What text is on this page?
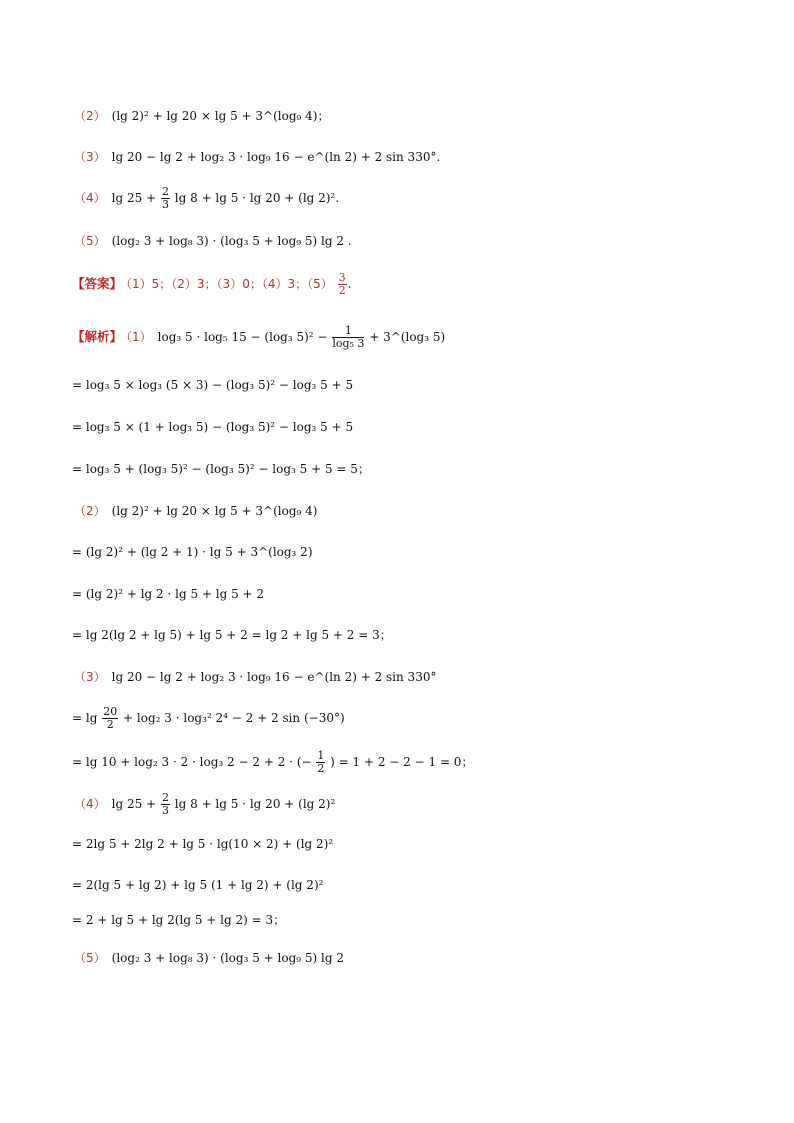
（2） (lg 2)² + lg 20 × lg 5 + 3^(log₉ 4)；
（3） lg 20 − lg 2 + log₂ 3 · log₉ 16 − e^(ln 2) + 2 sin 330°.
（4） $\lg 25 + \frac{2}{3}$ lg 8 + lg 5 · lg 20 + (lg 2)².
（5） (log₂ 3 + log₈ 3) · (log₃ 5 + log₉ 5) lg 2 .
【答案】 （1）5；（2）3；（3）0；（4）3；$(5) \frac{3}{2}$ .
【解析】 （1） log₃ 5 · log₅ 15 − (log₃ $5)^2 - \frac{1}{\text{log₅ 3}}$ + 3^(log₃ 5)
= log₃ 5 × log₃ (5 × 3) − (log₃ 5)² − log₃ 5 + 5
= log₃ 5 × (1 + log₃ 5) − (log₃ 5)² − log₃ 5 + 5
= log₃ 5 + (log₃ 5)² − (log₃ 5)² − log₃ 5 + 5 = 5；
（2） (lg 2)² + lg 20 × lg 5 + 3^(log₉ 4)
= (lg 2)² + (lg 2 + 1) · lg 5 + 3^(log₃ 2)
= (lg 2)² + lg 2 · lg 5 + lg 5 + 2
= lg 2(lg 2 + lg 5) + lg 5 + 2 = lg 2 + lg 5 + 2 = 3；
（3） lg 20 − lg 2 + log₂ 3 · log₉ 16 − e^(ln 2) + 2 sin 330°
= $\lg \frac{20}{2} + \log_2$ 3 · log₃² 2⁴ − 2 + 2 sin (−30°)
= lg 10 + log₂ 3 · 2 · log₃ 2 − 2 + 2 · (− $\frac{1}{2}$ ) = 1 + 2 − 2 − 1 = 0；
（4） $\lg 25 + \frac{2}{3}$ lg 8 + lg 5 · lg 20 + (lg 2)²
= 2lg 5 + 2lg 2 + lg 5 · lg(10 × 2) + (lg 2)²
= 2(lg 5 + lg 2) + lg 5 (1 + lg 2) + (lg 2)²
= 2 + lg 5 + lg 2(lg 5 + lg 2) = 3；
（5） (log₂ 3 + log₈ 3) · (log₃ 5 + log₉ 5) lg 2
